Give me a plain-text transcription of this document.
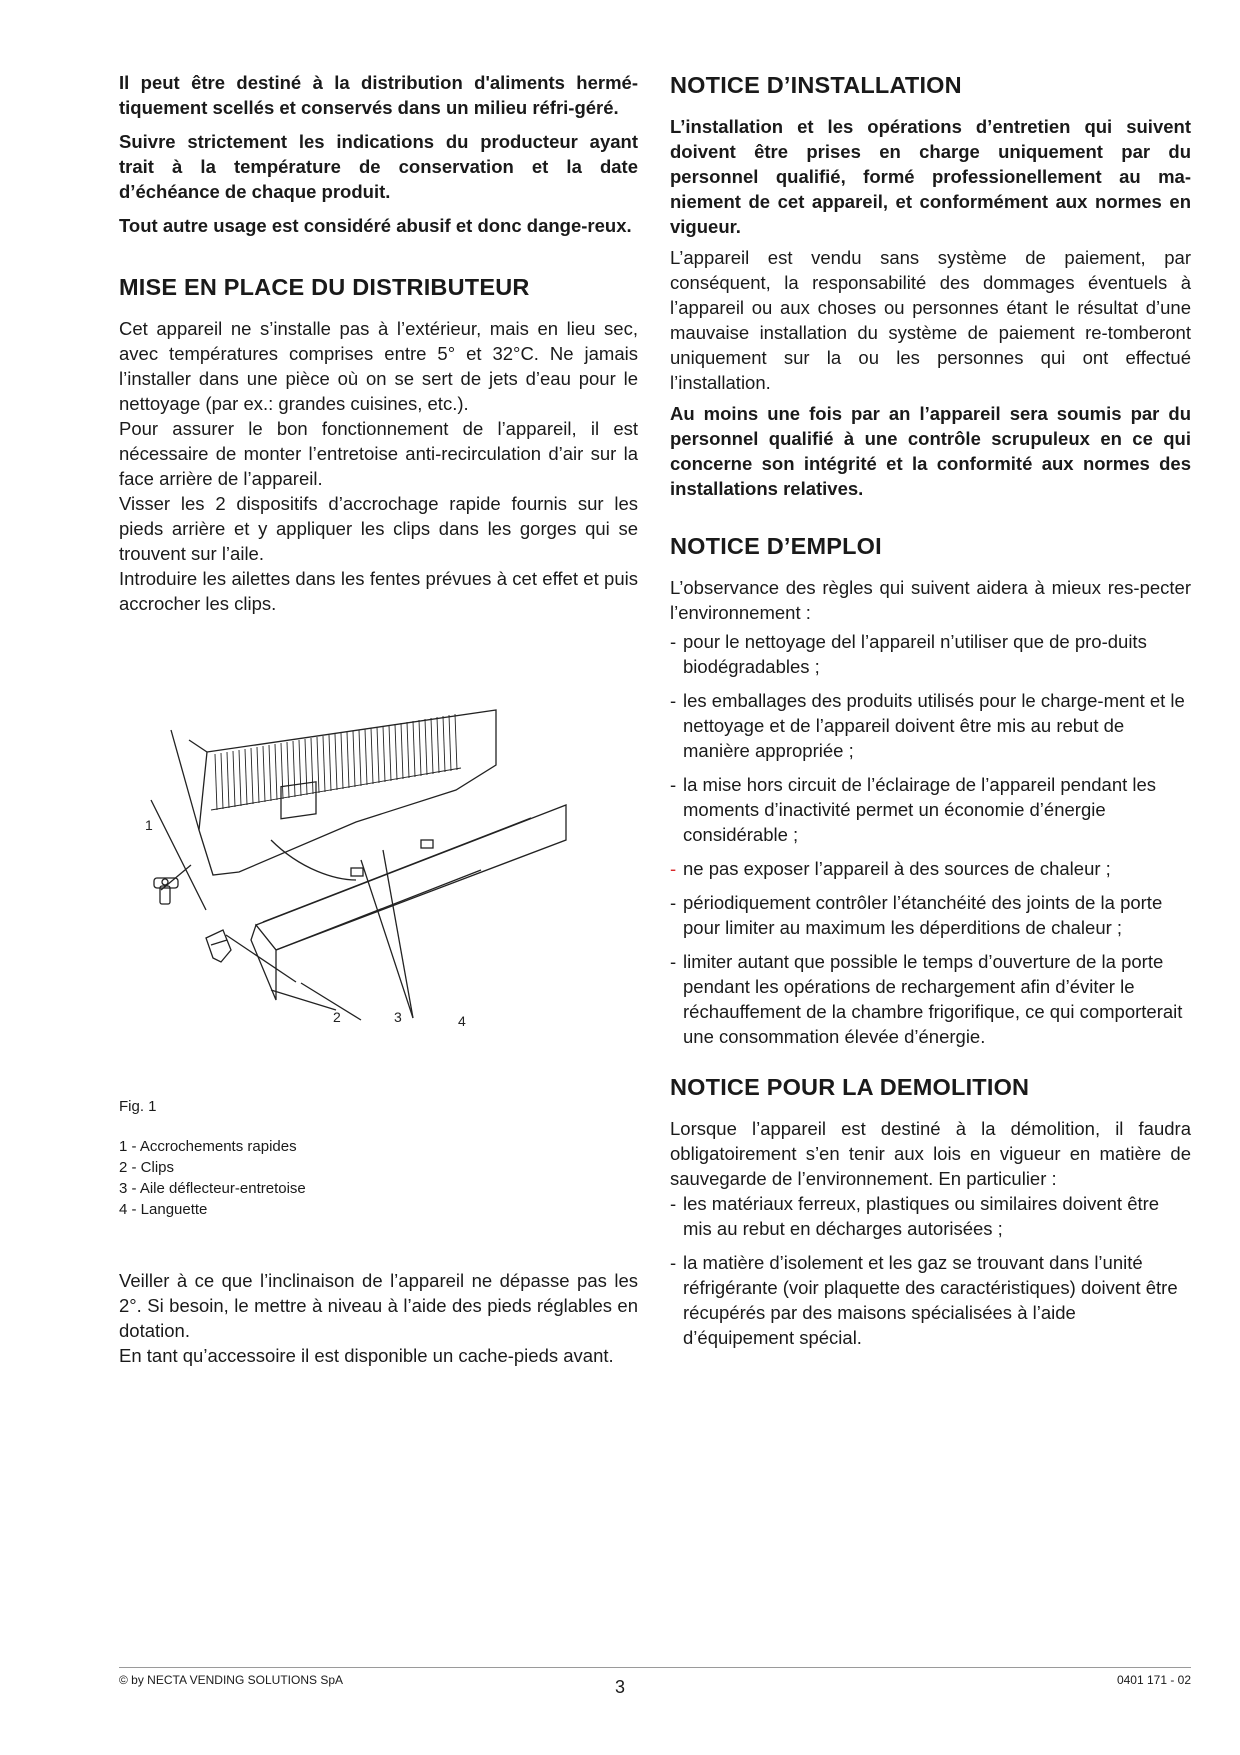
Il peut être destiné à la distribution d'aliments hermé-tiquement scellés et conservés dans un milieu réfri-géré.

Suivre strictement les indications du producteur ayant trait à la température de conservation et la date d’échéance de chaque produit.

Tout autre usage est considéré abusif et donc dange-reux.

MISE EN PLACE DU DISTRIBUTEUR

Cet appareil ne s’installe pas à l’extérieur, mais en lieu sec, avec températures comprises entre 5° et 32°C. Ne jamais l’installer dans une pièce où on se sert de jets d’eau pour le nettoyage (par ex.: grandes cuisines, etc.).

Pour assurer le bon fonctionnement de l’appareil, il est nécessaire de monter l’entretoise anti-recirculation d’air sur la face arrière de l’appareil.

Visser les 2 dispositifs d’accrochage rapide fournis sur les pieds arrière et y appliquer les clips dans les gorges qui se trouvent sur l’aile.

Introduire les ailettes dans les fentes prévues à cet effet et puis accrocher les clips.

1
2	3	4
Fig. 1
1 - Accrochements rapides
2 - Clips
3 - Aile déflecteur-entretoise
4 - Languette

Veiller à ce que l’inclinaison de l’appareil ne dépasse pas les 2°. Si besoin, le mettre à niveau à l’aide des pieds réglables en dotation.

En tant qu’accessoire il est disponible un cache-pieds avant.

NOTICE D’INSTALLATION

L’installation et les opérations d’entretien qui suivent doivent être prises en charge uniquement par du personnel qualifié, formé professionellement au ma-niement de cet appareil, et conformément aux normes en vigueur.

L’appareil est vendu sans système de paiement, par conséquent, la responsabilité des dommages éventuels à l’appareil ou aux choses ou personnes étant le résultat d’une mauvaise installation du système de paiement re-tomberont uniquement sur la ou les personnes qui ont effectué l’installation.

Au moins une fois par an l’appareil sera soumis par du personnel qualifié à une contrôle scrupuleux en ce qui concerne son intégrité et la conformité aux normes des installations relatives.

NOTICE D’EMPLOI

L’observance des règles qui suivent aidera à mieux res-pecter l’environnement :

- pour le nettoyage del l’appareil n’utiliser que de pro-duits biodégradables ;
- les emballages des produits utilisés pour le charge-ment et le nettoyage et de l’appareil doivent être mis au rebut de manière appropriée ;
- la mise hors circuit de l’éclairage de l’appareil pendant les moments d’inactivité permet un économie d’énergie considérable ;
- ne pas exposer l’appareil à des sources de chaleur ;
- périodiquement contrôler l’étanchéité des joints de la porte pour limiter au maximum les déperditions de chaleur ;
- limiter autant que possible le temps d’ouverture de la porte pendant les opérations de rechargement afin d’éviter le réchauffement de la chambre frigorifique, ce qui comporterait une consommation élevée d’énergie.
NOTICE POUR LA DEMOLITION

Lorsque l’appareil est destiné à la démolition, il faudra obligatoirement s’en tenir aux lois en vigueur en matière de sauvegarde de l’environnement. En particulier :

- les matériaux ferreux, plastiques ou similaires doivent être mis au rebut en décharges autorisées ;
- la matière d’isolement et les gaz se trouvant dans l’unité réfrigérante (voir plaquette des caractéristiques) doivent être récupérés par des maisons spécialisées à l’aide d’équipement spécial.
© by NECTA VENDING SOLUTIONS SpA	3	0401 171 - 02
